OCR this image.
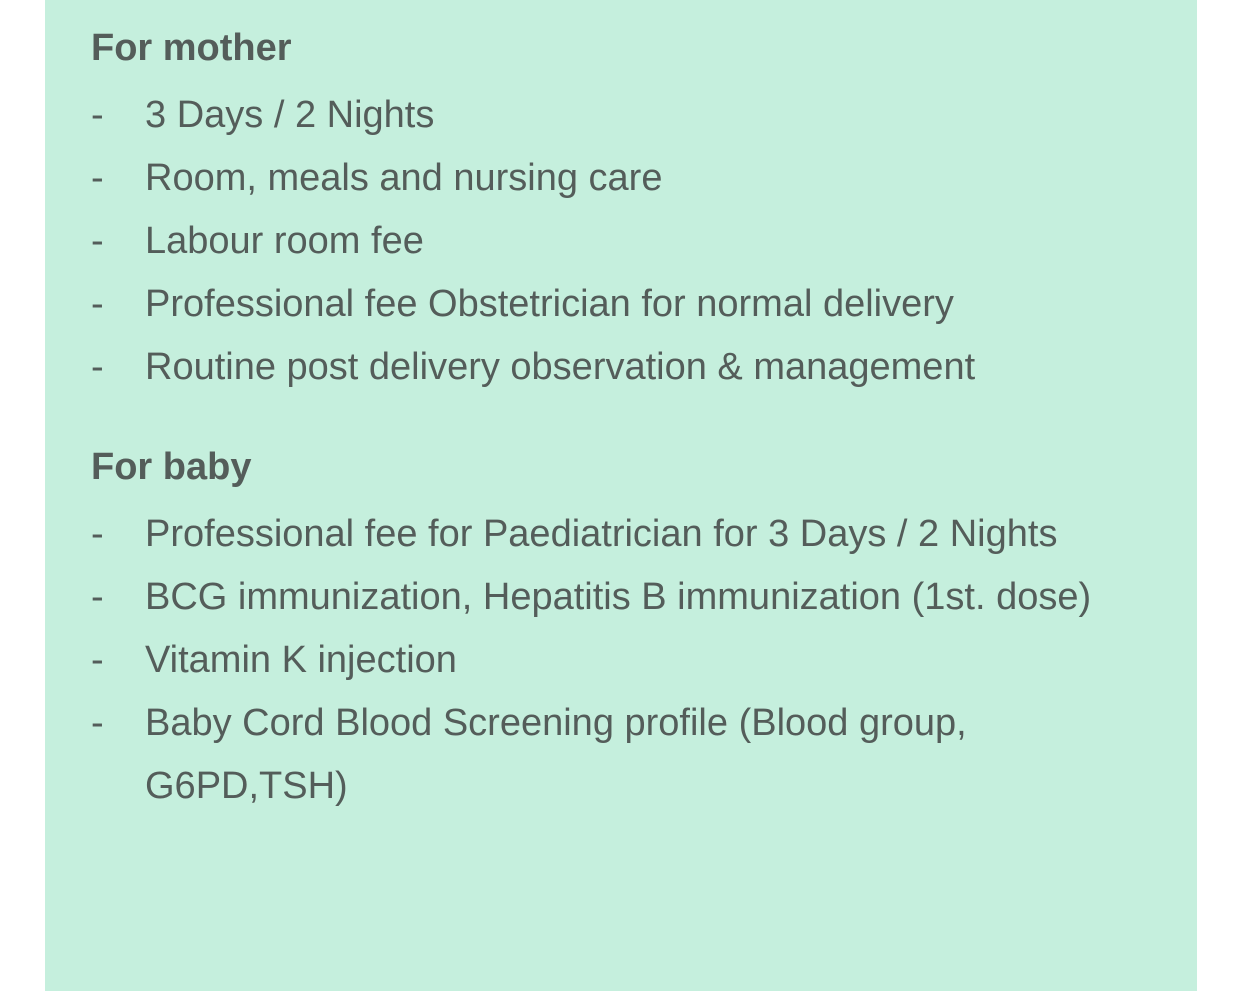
For mother
- 3 Days / 2 Nights
- Room, meals and nursing care
- Labour room fee
- Professional fee Obstetrician for normal delivery
- Routine post delivery observation & management
For baby
- Professional fee for Paediatrician for 3 Days / 2 Nights
- BCG immunization, Hepatitis B immunization (1st. dose)
- Vitamin K injection
- Baby Cord Blood Screening profile (Blood group, G6PD,TSH)
